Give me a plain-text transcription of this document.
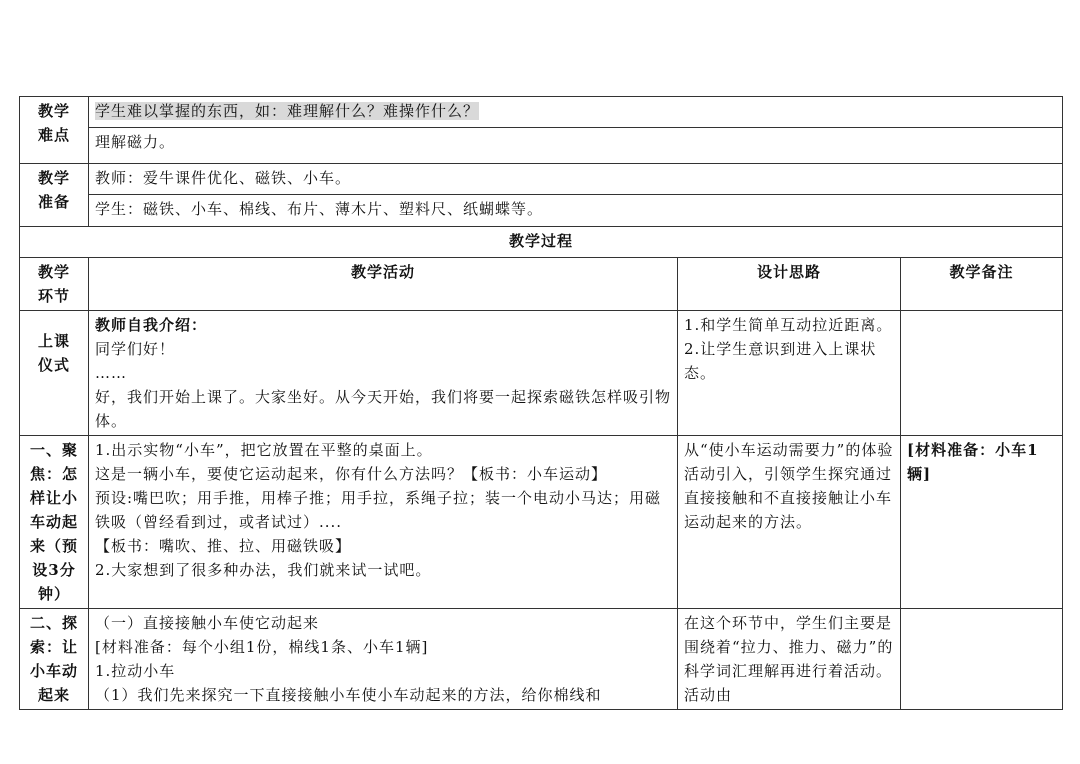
教学难点	学生难以掌握的东西，如：难理解什么？难操作什么？		
	理解磁力。		

教学准备	教师：爱牛课件优化、磁铁、小车。		
	学生：磁铁、小车、棉线、布片、薄木片、塑料尺、纸蝴蝶等。		
教学过程			

教学环节	教学活动	设计思路	教学备注

上课仪式	教师自我介绍：
同学们好！
……
好，我们开始上课了。大家坐好。从今天开始，我们将要一起探索磁铁怎样吸引物体。	1.和学生简单互动拉近距离。2.让学生意识到进入上课状态。	

一、聚焦：怎样让小车动起来（预设3分钟）	1.出示实物“小车”，把它放置在平整的桌面上。
这是一辆小车，要使它运动起来，你有什么方法吗？【板书：小车运动】
预设:嘴巴吹；用手推，用棒子推；用手拉，系绳子拉；装一个电动小马达；用磁铁吸（曾经看到过，或者试过）....
【板书：嘴吹、推、拉、用磁铁吸】
2.大家想到了很多种办法，我们就来试一试吧。	从“使小车运动需要力”的体验活动引入，引领学生探究通过直接接触和不直接接触让小车运动起来的方法。	[材料准备：小车1辆]

二、探索：让小车动起来	（一）直接接触小车使它动起来
[材料准备：每个小组1份，棉线1条、小车1辆]
1.拉动小车
（1）我们先来探究一下直接接触小车使小车动起来的方法，给你棉线和	在这个环节中，学生们主要是围绕着“拉力、推力、磁力”的科学词汇理解再进行着活动。活动由	
